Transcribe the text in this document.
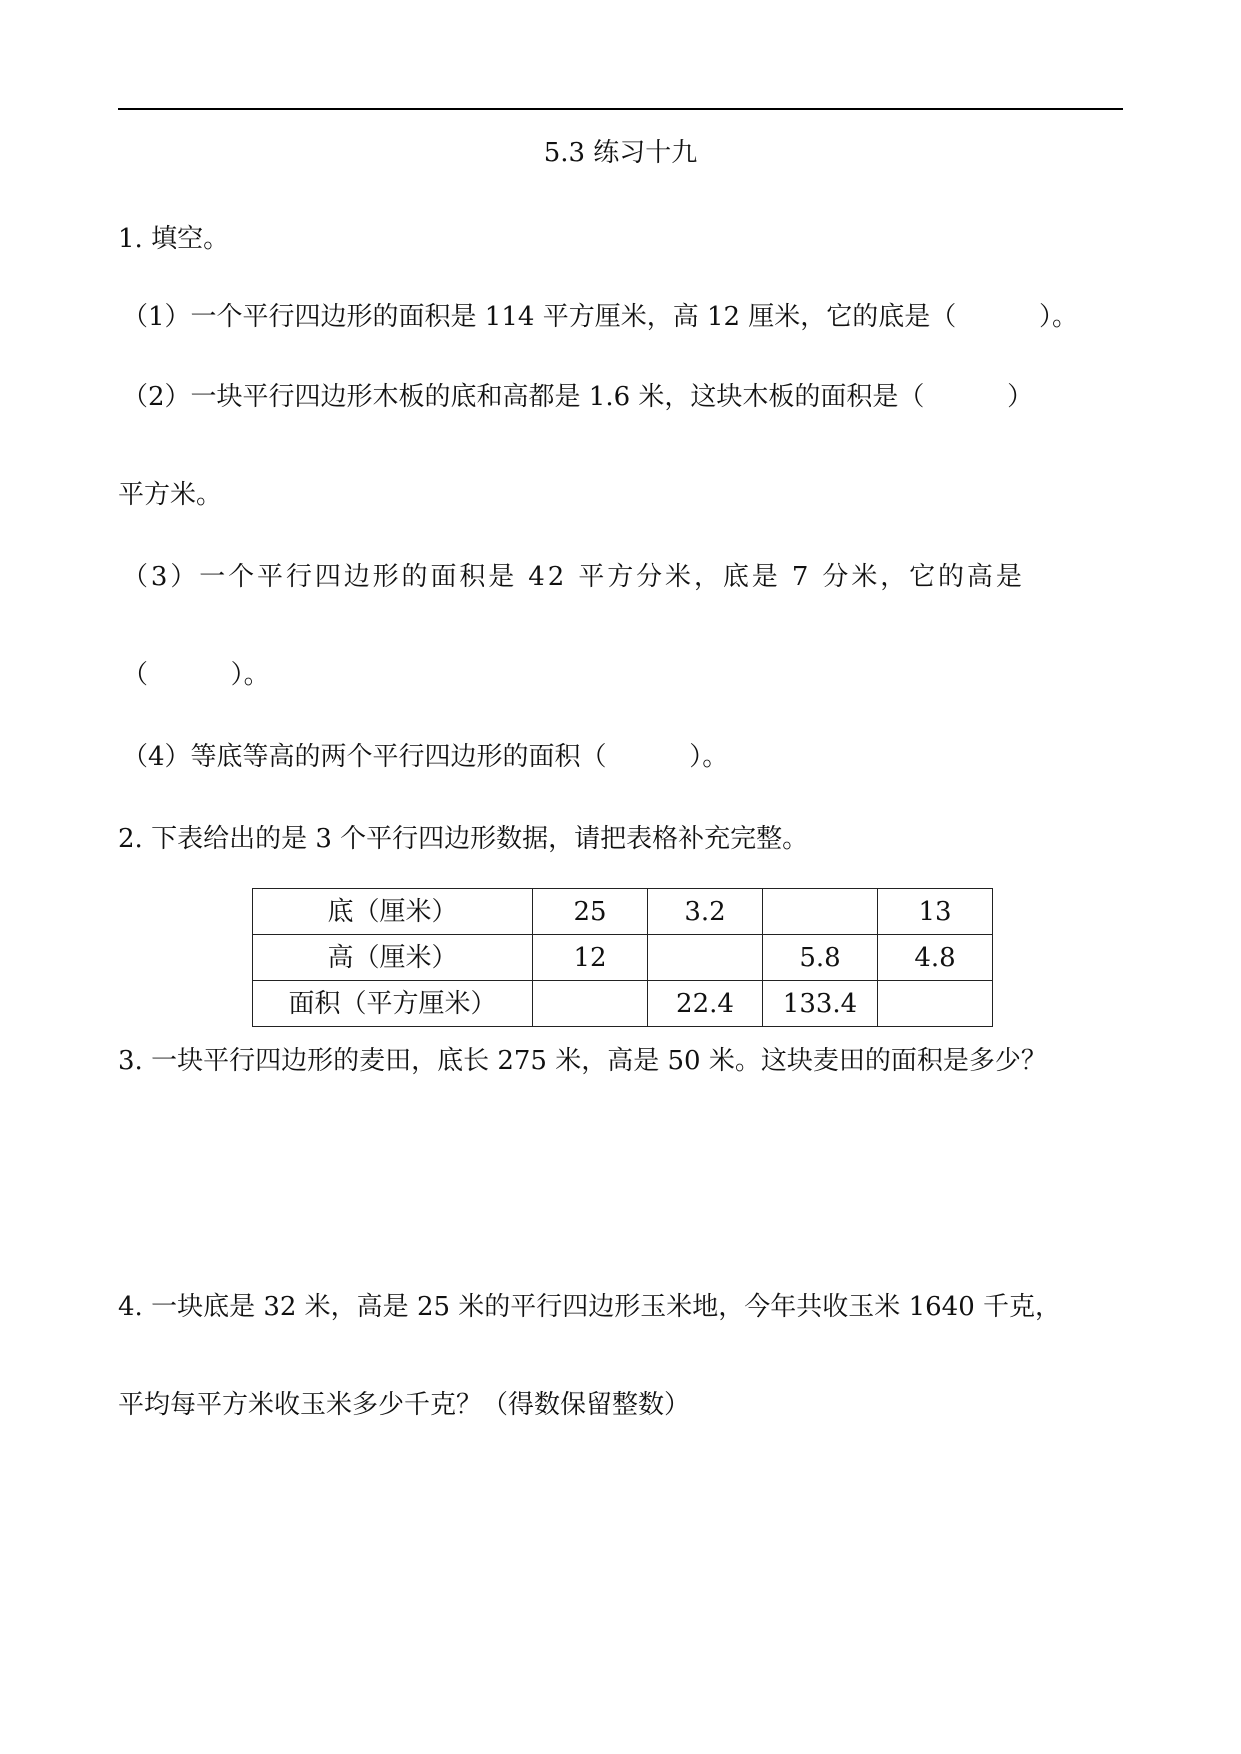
5.3 练习十九
1. 填空。
（1）一个平行四边形的面积是 114 平方厘米，高 12 厘米，它的底是（          ）。
（2）一块平行四边形木板的底和高都是 1.6 米，这块木板的面积是（          ）
平方米。
（3）一个平行四边形的面积是 42 平方分米，底是 7 分米，它的高是
（          ）。
（4）等底等高的两个平行四边形的面积（          ）。
2. 下表给出的是 3 个平行四边形数据，请把表格补充完整。
底（厘米）	25	3.2		13
高（厘米）	12		5.8	4.8
面积（平方厘米）		22.4	133.4	
3. 一块平行四边形的麦田，底长 275 米，高是 50 米。这块麦田的面积是多少？
4. 一块底是 32 米，高是 25 米的平行四边形玉米地，今年共收玉米 1640 千克，
平均每平方米收玉米多少千克？（得数保留整数）
